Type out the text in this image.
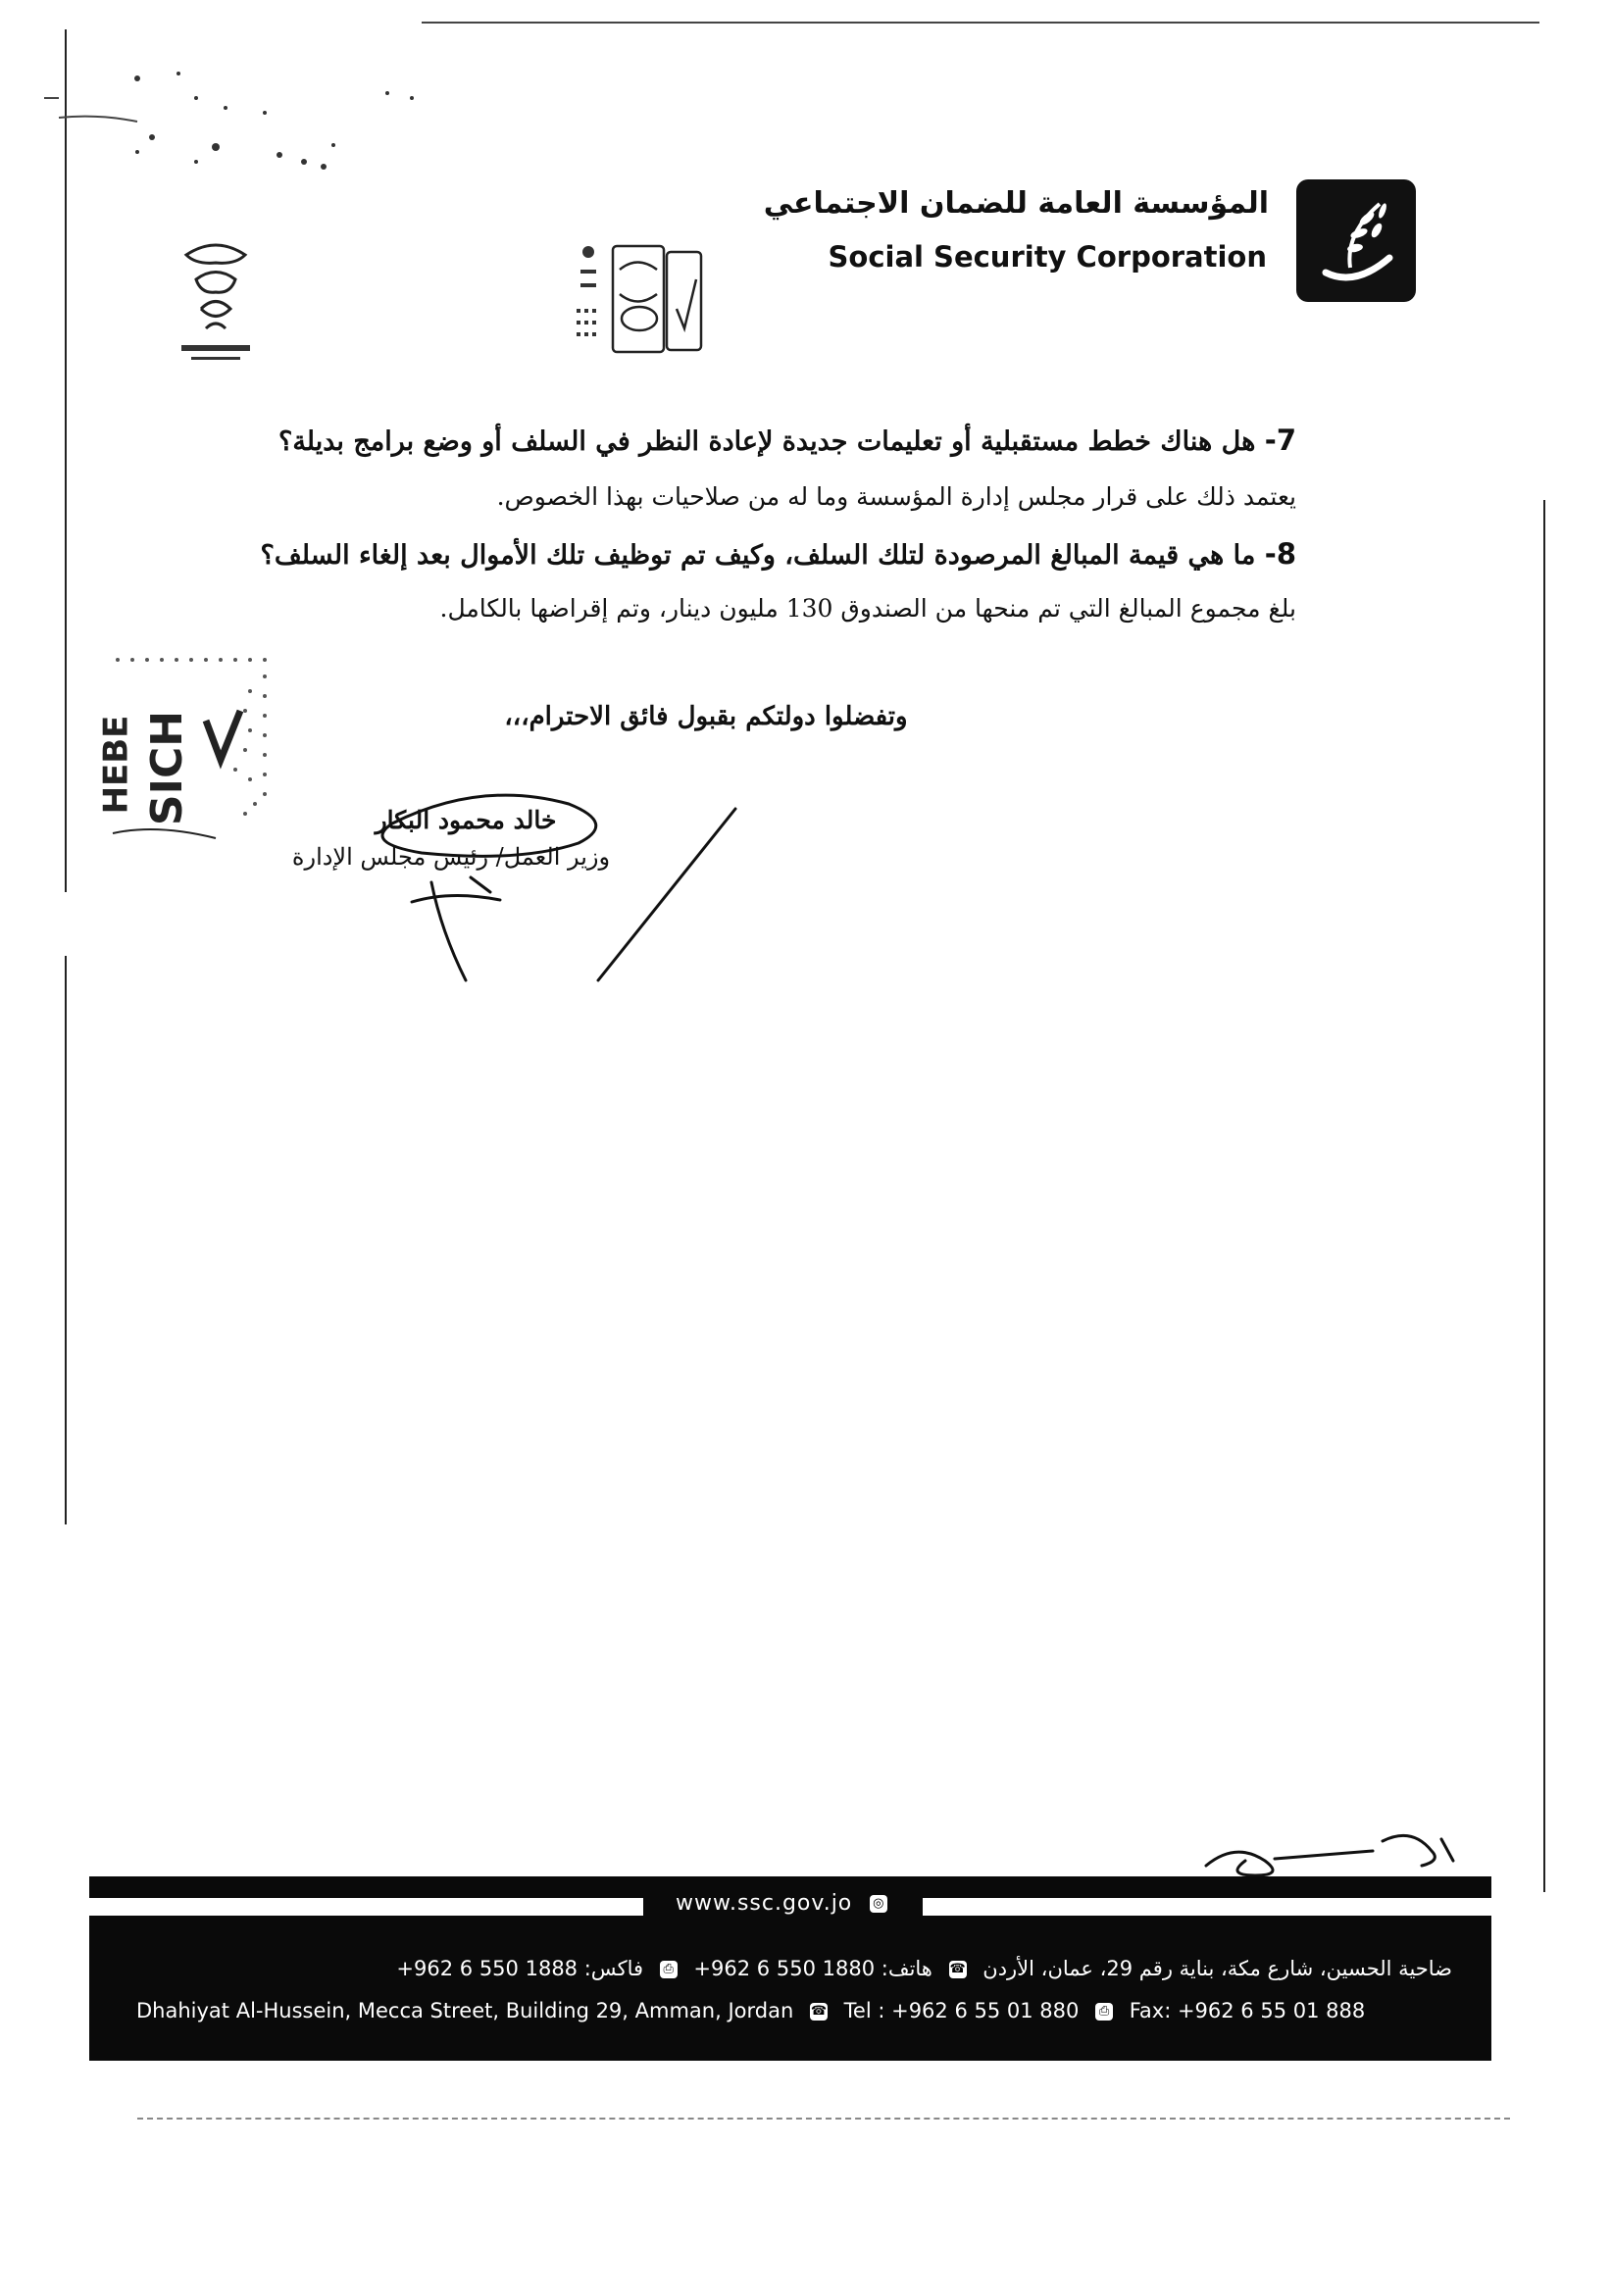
المؤسسة العامة للضمان الاجتماعي
Social Security Corporation
7- هل هناك خطط مستقبلية أو تعليمات جديدة لإعادة النظر في السلف أو وضع برامج بديلة؟
يعتمد ذلك على قرار مجلس إدارة المؤسسة وما له من صلاحيات بهذا الخصوص.
8- ما هي قيمة المبالغ المرصودة لتلك السلف، وكيف تم توظيف تلك الأموال بعد إلغاء السلف؟
بلغ مجموع المبالغ التي تم منحها من الصندوق 130 مليون دينار، وتم إقراضها بالكامل.
وتفضلوا دولتكم بقبول فائق الاحترام،،،
HEBE SICH	خالد محمود البكار
وزير العمل/ رئيس مجلس الإدارة
www.ssc.gov.jo ◎
ضاحية الحسين، شارع مكة، بناية رقم 29، عمان، الأردن ☎ هاتف: 1880 550 6 962+ ⎙ فاكس: 1888 550 6 962+
Dhahiyat Al-Hussein, Mecca Street, Building 29, Amman, Jordan ☎ Tel : +962 6 55 01 880 ⎙ Fax: +962 6 55 01 888
